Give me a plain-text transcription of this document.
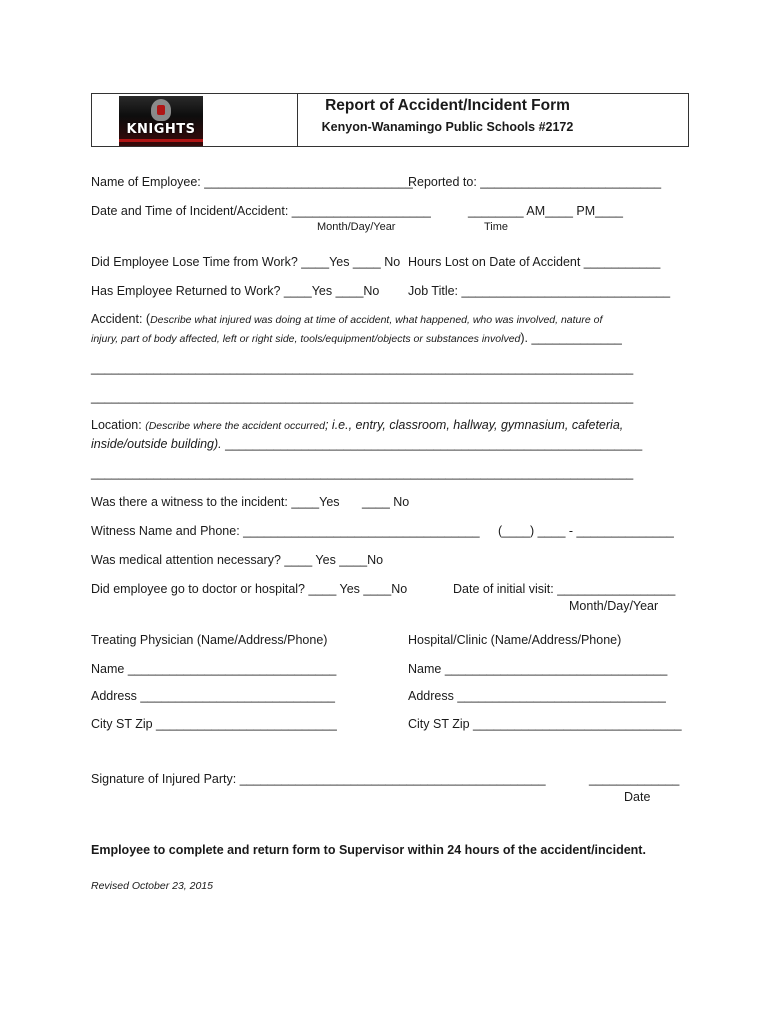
KNIGHTS
Report of Accident/Incident Form
Kenyon-Wanamingo Public Schools #2172
Name of Employee: ______________________________
Reported to: __________________________
Date and Time of Incident/Accident: ____________________	________ AM____ PM____
Month/Day/Year	Time
Did Employee Lose Time from Work? ____Yes ____ No Hours Lost on Date of Accident ___________
Has Employee Returned to Work? ____Yes ____No Job Title: ______________________________
Accident: (Describe what injured was doing at time of accident, what happened, who was involved, nature of
injury, part of body affected, left or right side, tools/equipment/objects or substances involved). _____________
______________________________________________________________________________
______________________________________________________________________________
Location: (Describe where the accident occurred; i.e., entry, classroom, hallway, gymnasium, cafeteria,
inside/outside building). ____________________________________________________________
______________________________________________________________________________
Was there a witness to the incident: ____Yes ____ No
Witness Name and Phone: __________________________________ (____) ____ - ______________
Was medical attention necessary? ____ Yes ____No
Did employee go to doctor or hospital? ____ Yes ____No	Date of initial visit: _________________
Month/Day/Year
Treating Physician (Name/Address/Phone)	Hospital/Clinic (Name/Address/Phone)
Name ______________________________	Name ________________________________
Address ____________________________	Address ______________________________
City ST Zip __________________________	City ST Zip ______________________________
Signature of Injured Party: ____________________________________________	_____________
Date
Employee to complete and return form to Supervisor within 24 hours of the accident/incident.
Revised October 23, 2015
